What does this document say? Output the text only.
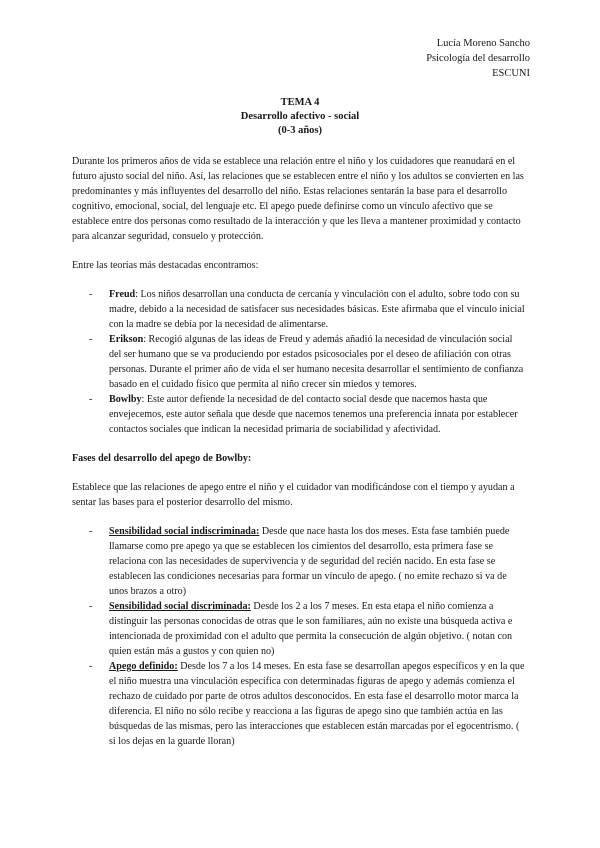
Lucía Moreno Sancho
Psicología del desarrollo
ESCUNI
TEMA 4
Desarrollo afectivo - social
(0-3 años)

Durante los primeros años de vida se establece una relación entre el niño y los cuidadores que reanudará en el futuro ajusto social del niño. Así, las relaciones que se establecen entre el niño y los adultos se convierten en las predominantes y más influyentes del desarrollo del niño. Estas relaciones sentarán la base para el desarrollo cognitivo, emocional, social, del lenguaje etc. El apego puede definirse como un vínculo afectivo que se establece entre dos personas como resultado de la interacción y que les lleva a mantener proximidad y contacto para alcanzar seguridad, consuelo y protección.

Entre las teorías más destacadas encontramos:

- Freud: Los niños desarrollan una conducta de cercanía y vinculación con el adulto, sobre todo con su madre, debido a la necesidad de satisfacer sus necesidades básicas. Este afirmaba que el vínculo inicial con la madre se debía por la necesidad de alimentarse.
- Erikson: Recogió algunas de las ideas de Freud y además añadió la necesidad de vinculación social del ser humano que se va produciendo por estados psicosociales por el deseo de afiliación con otras personas. Durante el primer año de vida el ser humano necesita desarrollar el sentimiento de confianza basado en el cuidado físico que permita al niño crecer sin miedos y temores.
- Bowlby: Este autor defiende la necesidad de del contacto social desde que nacemos hasta que envejecemos, este autor señala que desde que nacemos tenemos una preferencia innata por establecer contactos sociales que indican la necesidad primaria de sociabilidad y afectividad.

Fases del desarrollo del apego de Bowlby:

Establece que las relaciones de apego entre el niño y el cuidador van modificándose con el tiempo y ayudan a sentar las bases para el posterior desarrollo del mismo.

- Sensibilidad social indiscriminada: Desde que nace hasta los dos meses. Esta fase también puede llamarse como pre apego ya que se establecen los cimientos del desarrollo, esta primera fase se relaciona con las necesidades de supervivencia y de seguridad del recién nacido. En esta fase se establecen las condiciones necesarias para formar un vínculo de apego. ( no emite rechazo si va de unos brazos a otro)
- Sensibilidad social discriminada: Desde los 2 a los 7 meses. En esta etapa el niño comienza a distinguir las personas conocidas de otras que le son familiares, aún no existe una búsqueda activa e intencionada de proximidad con el adulto que permita la consecución de algún objetivo. ( notan con quien están más a gustos y con quien no)
- Apego definido: Desde los 7 a los 14 meses. En esta fase se desarrollan apegos específicos y en la que el niño muestra una vinculación específica con determinadas figuras de apego y además comienza el rechazo de cuidado por parte de otros adultos desconocidos. En esta fase el desarrollo motor marca la diferencia. El niño no sólo recibe y reacciona a las figuras de apego sino que también actúa en las búsquedas de las mismas, pero las interacciones que establecen están marcadas por el egocentrismo. ( si los dejas en la guarde lloran)
